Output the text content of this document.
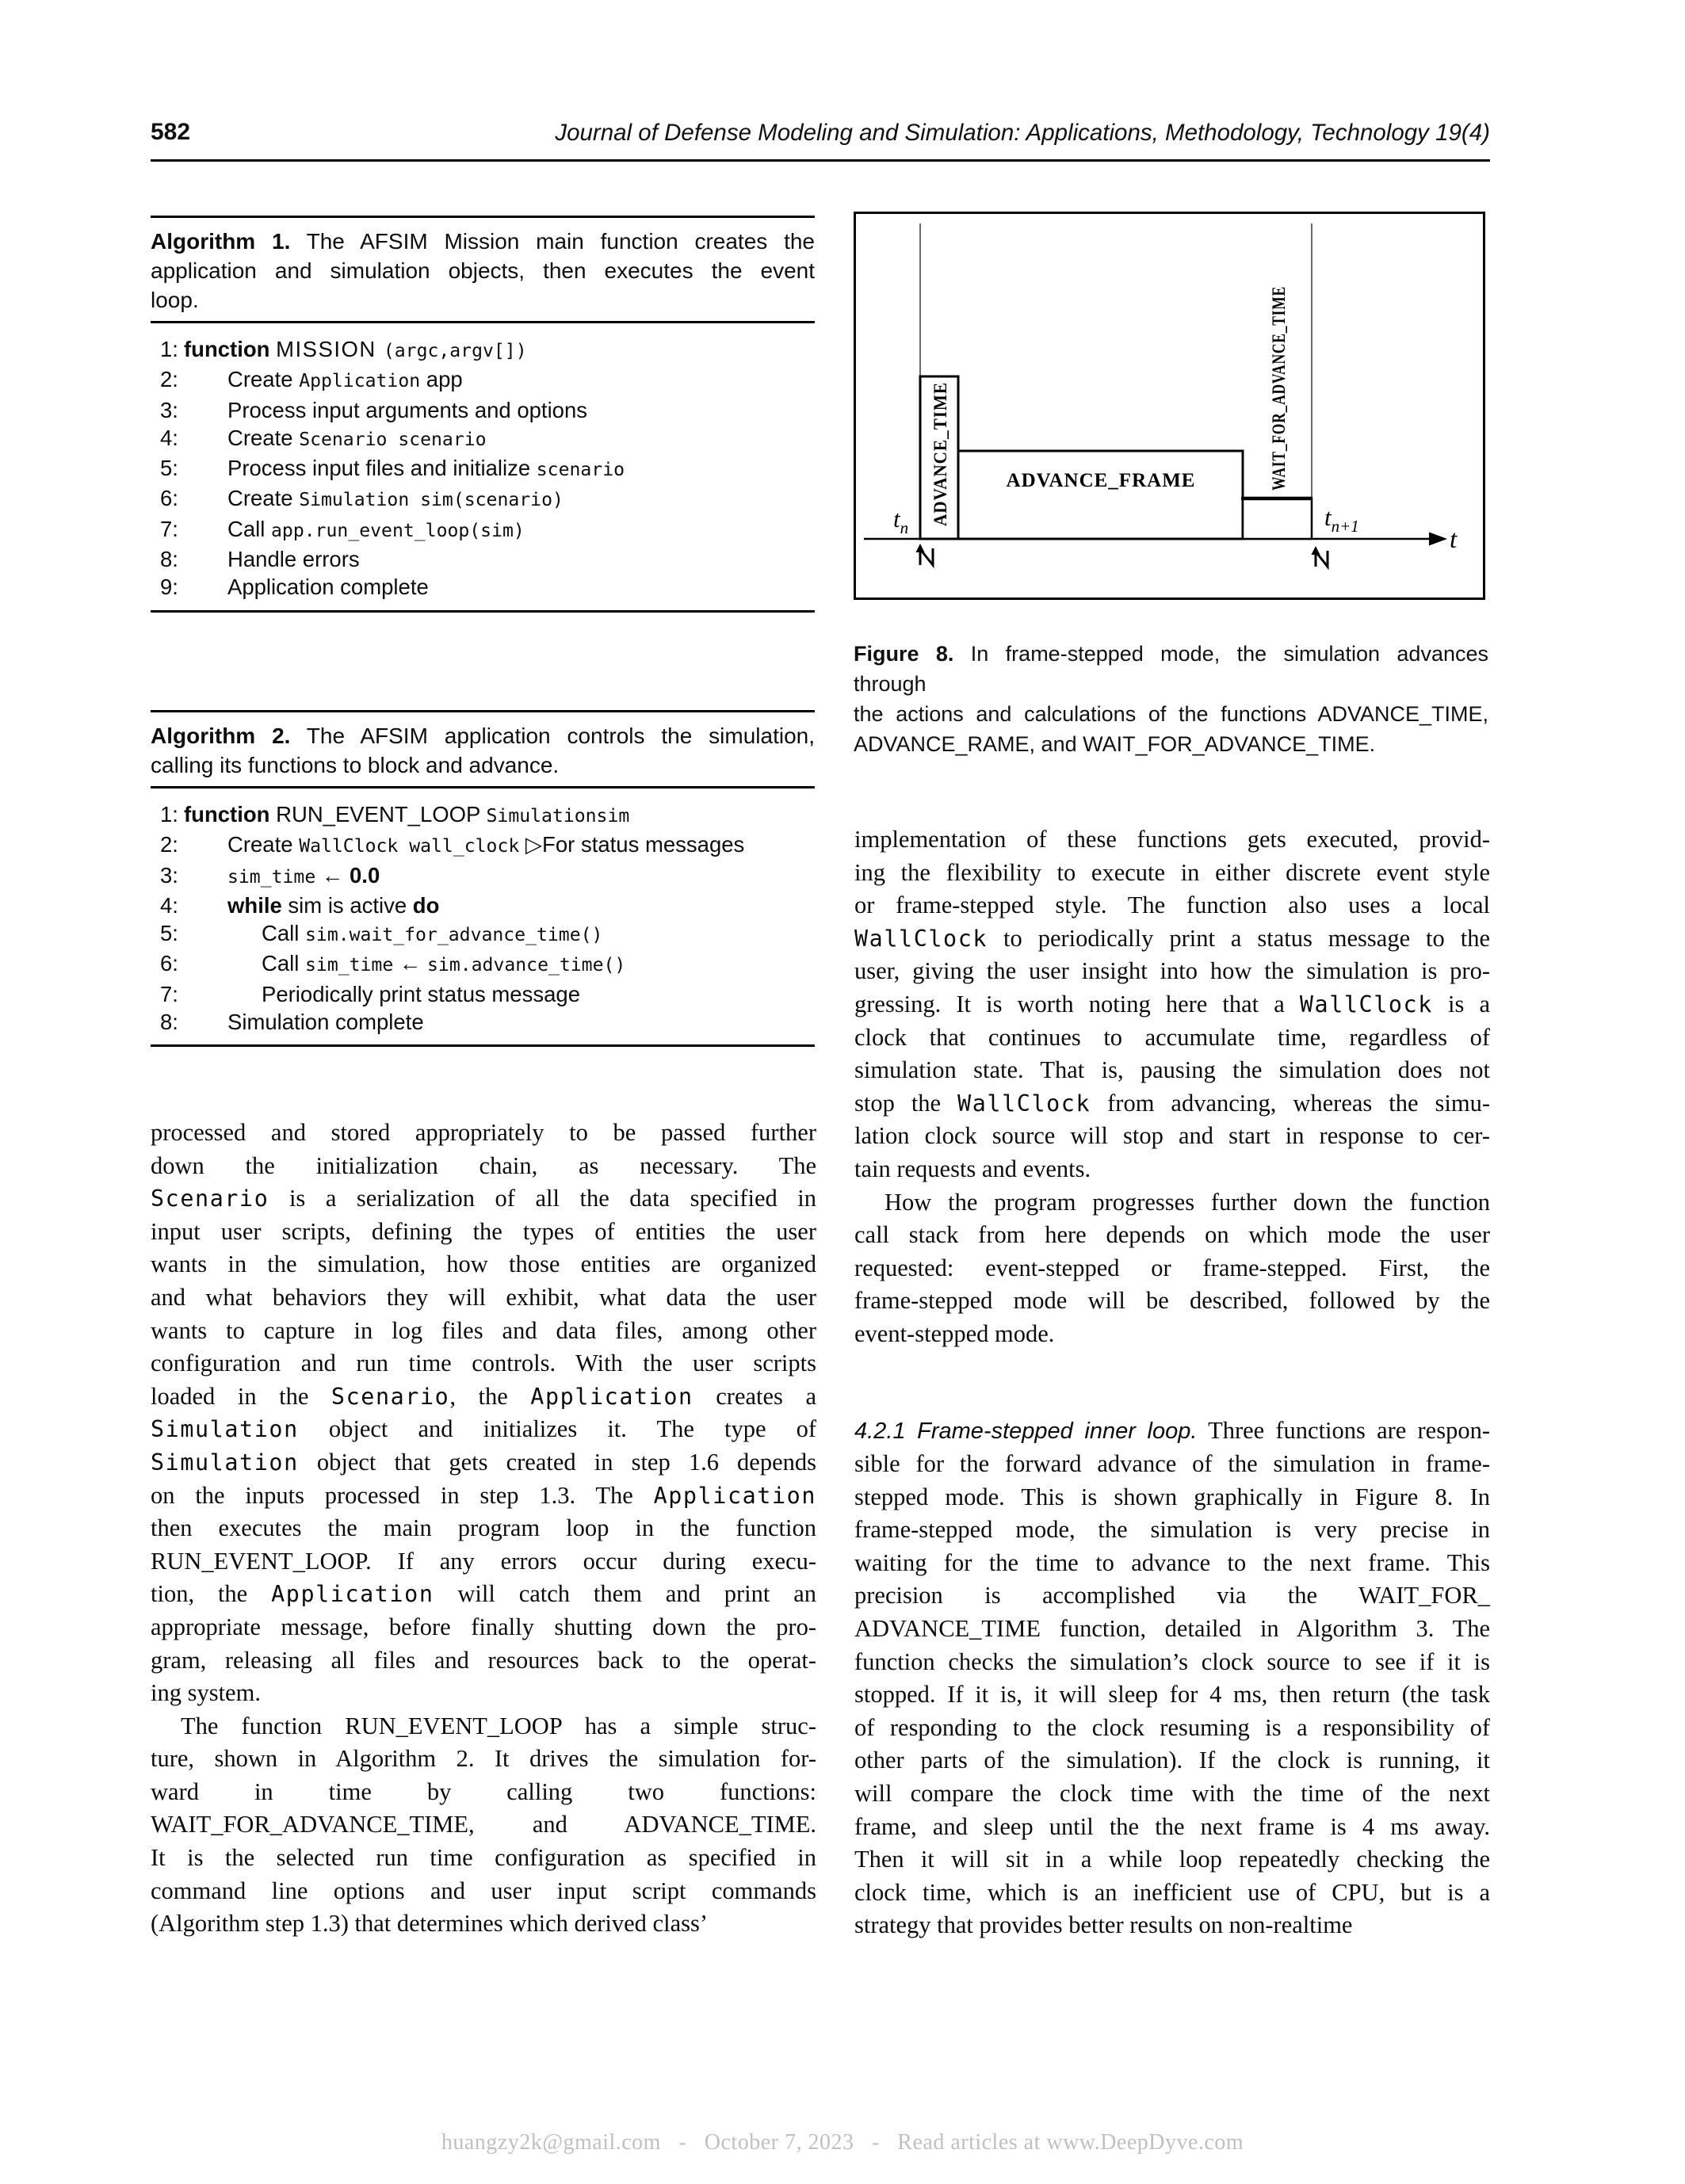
582	Journal of Defense Modeling and Simulation: Applications, Methodology, Technology 19(4)
Algorithm 1. The AFSIM Mission main function creates the
application and simulation objects, then executes the event
loop.
1: function MISSION (argc,argv[])
2: Create Application app
3: Process input arguments and options
4: Create Scenario scenario
5: Process input files and initialize scenario
6: Create Simulation sim(scenario)
7: Call app.run_event_loop(sim)
8: Handle errors
9: Application complete
Algorithm 2. The AFSIM application controls the simulation,
calling its functions to block and advance.
1: function RUN_EVENT_LOOP Simulationsim
2: Create WallClock wall_clock ▷For status messages
3:	sim_time ← 0.0
4: while sim is active do
5:	Call sim.wait_for_advance_time()
6:	Call sim_time ← sim.advance_time()
7:	Periodically print status message
8: Simulation complete
ADVANCE_TIME	WAIT_FOR_ADVANCE_TIME
ADVANCE_FRAME
$t_n$	$t_{n+1}$	t
Figure 8. In frame-stepped mode, the simulation advances through
the actions and calculations of the functions ADVANCE_TIME,
ADVANCE_RAME, and WAIT_FOR_ADVANCE_TIME.
processed and stored appropriately to be passed further
down the initialization chain, as necessary. The
Scenario is a serialization of all the data specified in
input user scripts, defining the types of entities the user
wants in the simulation, how those entities are organized
and what behaviors they will exhibit, what data the user
wants to capture in log files and data files, among other
configuration and run time controls. With the user scripts
loaded in the Scenario, the Application creates a
Simulation object and initializes it. The type of
Simulation object that gets created in step 1.6 depends
on the inputs processed in step 1.3. The Application
then executes the main program loop in the function
RUN_EVENT_LOOP. If any errors occur during execu-
tion, the Application will catch them and print an
appropriate message, before finally shutting down the pro-
gram, releasing all files and resources back to the operat-
ing system.
The function RUN_EVENT_LOOP has a simple struc-
ture, shown in Algorithm 2. It drives the simulation for-
ward in time by calling two functions:
WAIT_FOR_ADVANCE_TIME, and ADVANCE_TIME.
It is the selected run time configuration as specified in
command line options and user input script commands
(Algorithm step 1.3) that determines which derived class’
implementation of these functions gets executed, provid-
ing the flexibility to execute in either discrete event style
or frame-stepped style. The function also uses a local
WallClock to periodically print a status message to the
user, giving the user insight into how the simulation is pro-
gressing. It is worth noting here that a WallClock is a
clock that continues to accumulate time, regardless of
simulation state. That is, pausing the simulation does not
stop the WallClock from advancing, whereas the simu-
lation clock source will stop and start in response to cer-
tain requests and events.
How the program progresses further down the function
call stack from here depends on which mode the user
requested: event-stepped or frame-stepped. First, the
frame-stepped mode will be described, followed by the
event-stepped mode.
4.2.1 Frame-stepped inner loop. Three functions are respon-
sible for the forward advance of the simulation in frame-
stepped mode. This is shown graphically in Figure 8. In
frame-stepped mode, the simulation is very precise in
waiting for the time to advance to the next frame. This
precision is accomplished via the WAIT_FOR_
ADVANCE_TIME function, detailed in Algorithm 3. The
function checks the simulation’s clock source to see if it is
stopped. If it is, it will sleep for 4 ms, then return (the task
of responding to the clock resuming is a responsibility of
other parts of the simulation). If the clock is running, it
will compare the clock time with the time of the next
frame, and sleep until the the next frame is 4 ms away.
Then it will sit in a while loop repeatedly checking the
clock time, which is an inefficient use of CPU, but is a
strategy that provides better results on non-realtime
huangzy2k@gmail.com   -   October 7, 2023   -   Read articles at www.DeepDyve.com
